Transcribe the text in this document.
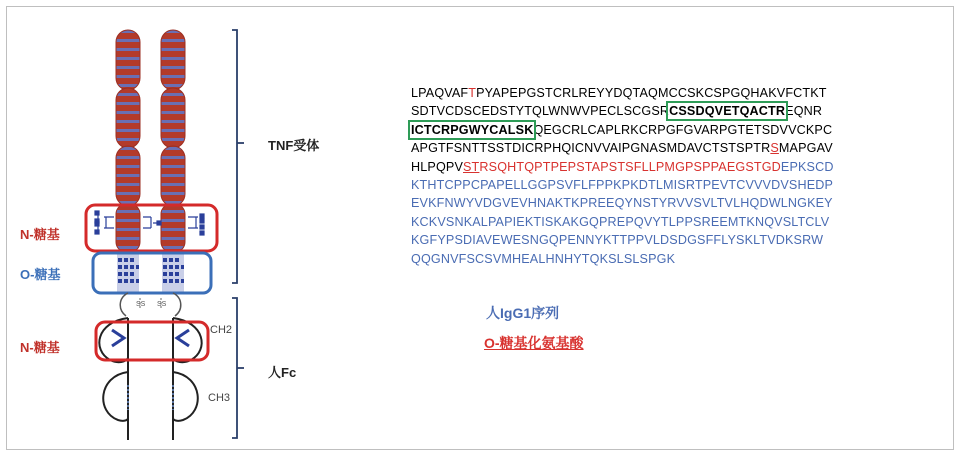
SS SS
TNF受体
N-糖基
O-糖基
N-糖基
人Fc
CH2
CH3
LPAQVAFTPYAPEPGSTCRLREYYDQTAQMCCSKCSPGQHAKVFCTKT
SDTVCDSCEDSTYTQLWNWVPECLSCGSRCSSDQVETQACTREQNR
ICTCRPGWYCALSKQEGCRLCAPLRKCRPGFGVARPGTETSDVVCKPC
APGTFSNTTSSTDICRPHQICNVVAIPGNASMDAVCTSTSPTRSMAPGAV
HLPQPVSTRSQHTQPTPEPSTAPSTSFLLPMGPSPPAEGSTGDEPKSCD
KTHTCPPCPAPELLGGPSVFLFPPKPKDTLMISRTPEVTCVVVDVSHEDP
EVKFNWYVDGVEVHNAKTKPREEQYNSTYRVVSVLTVLHQDWLNGKEY
KCKVSNKALPAPIEKTISKAKGQPREPQVYTLPPSREEMTKNQVSLTCLV
KGFYPSDIAVEWESNGQPENNYKTTPPVLDSDGSFFLYSKLTVDKSRW
QQGNVFSCSVMHEALHNHYTQKSLSLSPGK
人IgG1序列
O-糖基化氨基酸
